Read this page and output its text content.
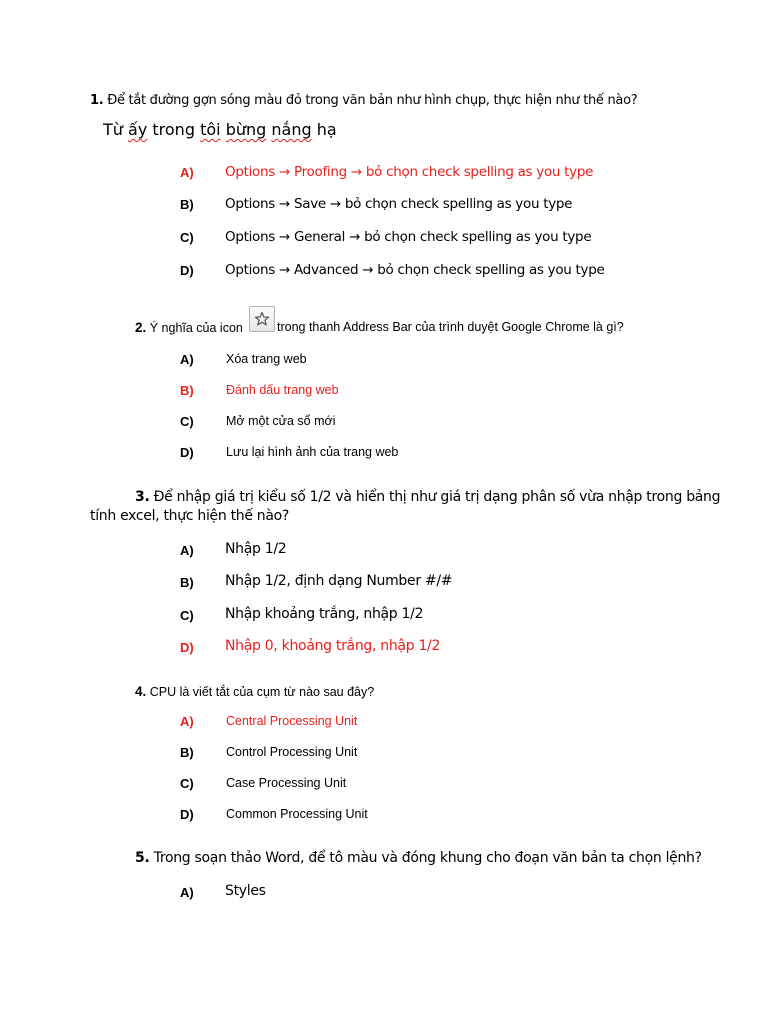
1. Để tắt đường gợn sóng màu đỏ trong văn bản như hình chụp, thực hiện như thế nào?
Từ ấy trong tôi bừng nắng hạ
A) Options → Proofing → bỏ chọn check spelling as you type
B) Options → Save → bỏ chọn check spelling as you type
C) Options → General → bỏ chọn check spelling as you type
D) Options → Advanced → bỏ chọn check spelling as you type
2. Ý nghĩa của icon	trong thanh Address Bar của trình duyệt Google Chrome là gì?
A)	Xóa trang web
B)	Đánh dấu trang web
C)	Mở một cửa sổ mới
D)	Lưu lại hình ảnh của trang web
3. Để nhập giá trị kiểu số 1/2 và hiển thị như giá trị dạng phân số vừa nhập trong bảng
tính excel, thực hiện thế nào?
A) Nhập 1/2
B) Nhập 1/2, định dạng Number #/#
C) Nhập khoảng trắng, nhập 1/2
D) Nhập 0, khoảng trắng, nhập 1/2
4. CPU là viết tắt của cụm từ nào sau đây?
A)	Central Processing Unit
B)	Control Processing Unit
C)	Case Processing Unit
D)	Common Processing Unit
5. Trong soạn thảo Word, để tô màu và đóng khung cho đoạn văn bản ta chọn lệnh?
A) Styles
